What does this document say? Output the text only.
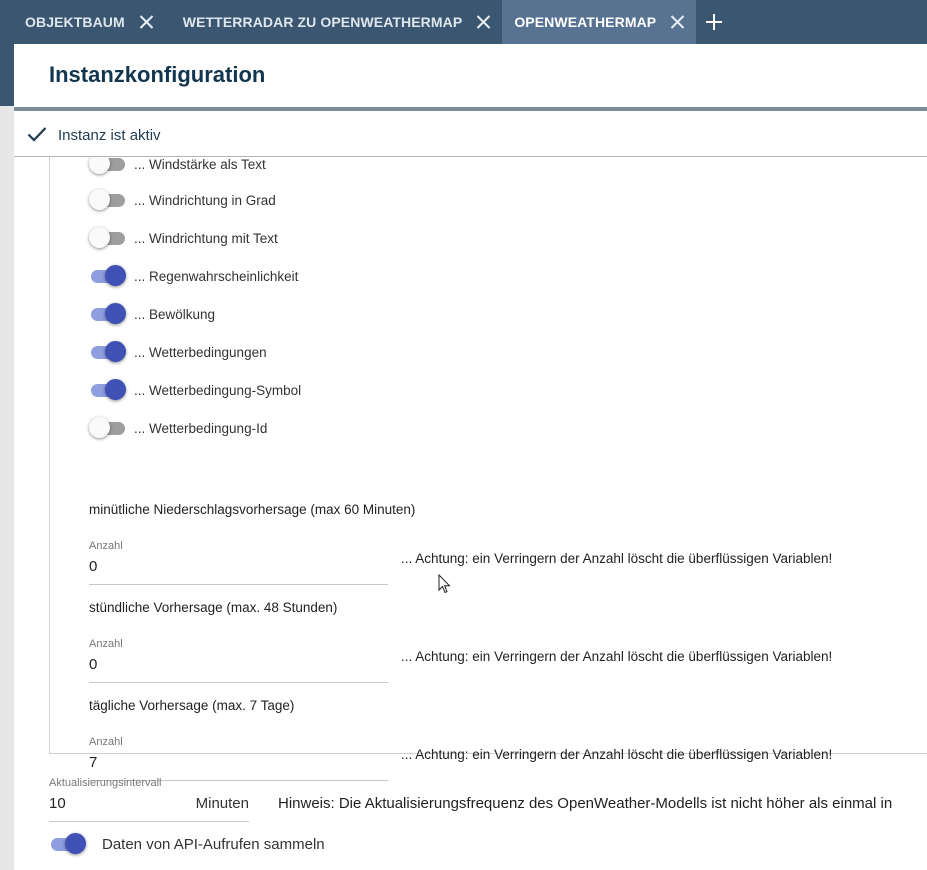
OBJEKTBAUM	WETTERRADAR ZU OPENWEATHERMAP	OPENWEATHERMAP
Instanzkonfiguration
Instanz ist aktiv
... Windstärke als Text
... Windrichtung in Grad
... Windrichtung mit Text
... Regenwahrscheinlichkeit
... Bewölkung
... Wetterbedingungen
... Wetterbedingung-Symbol
... Wetterbedingung-Id
minütliche Niederschlagsvorhersage (max 60 Minuten)
Anzahl
0	... Achtung: ein Verringern der Anzahl löscht die überflüssigen Variablen!
stündliche Vorhersage (max. 48 Stunden)
Anzahl
0	... Achtung: ein Verringern der Anzahl löscht die überflüssigen Variablen!
tägliche Vorhersage (max. 7 Tage)
Anzahl
7	... Achtung: ein Verringern der Anzahl löscht die überflüssigen Variablen!
Aktualisierungsintervall
10	Minuten Hinweis: Die Aktualisierungsfrequenz des OpenWeather-Modells ist nicht höher als einmal in
Daten von API-Aufrufen sammeln
